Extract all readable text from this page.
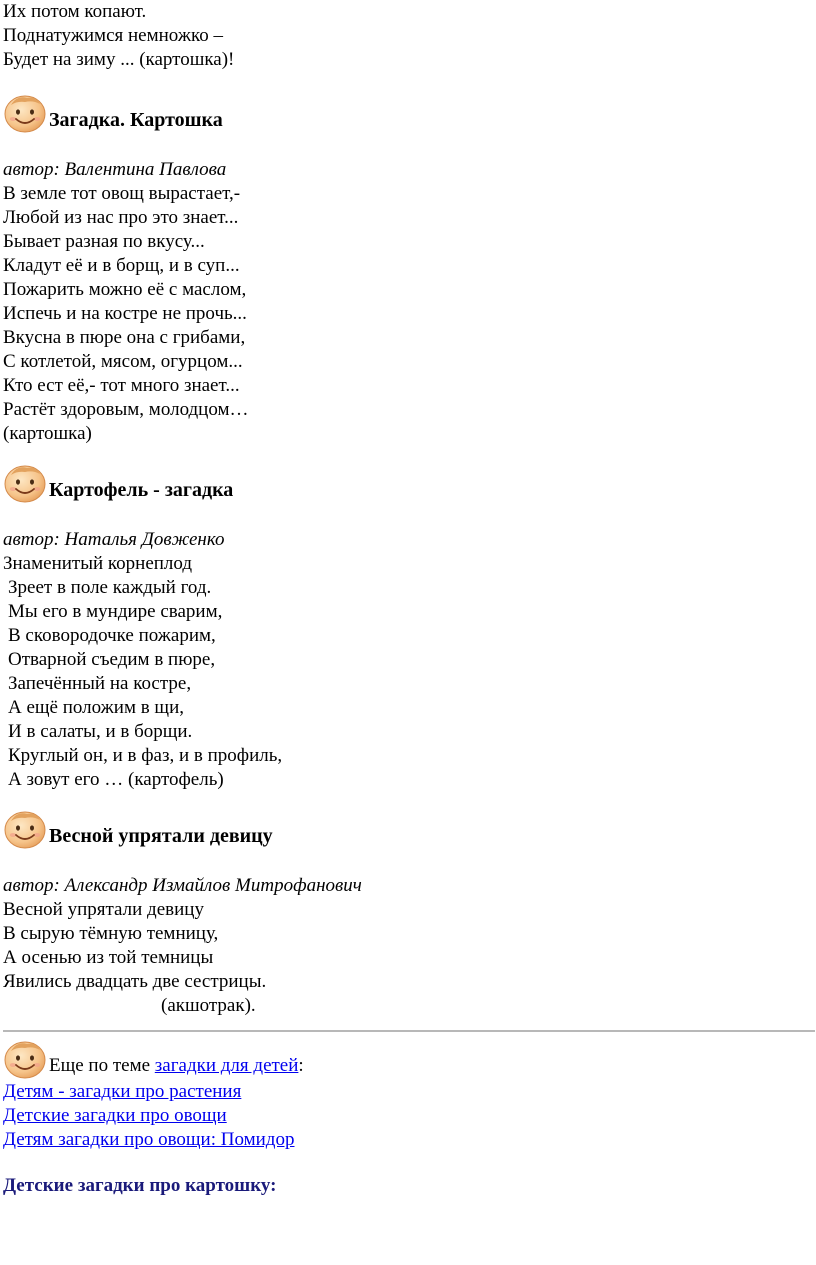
Их потом копают.
Поднатужимся немножко –
Будет на зиму ... (картошка)!
Загадка. Картошка
автор: Валентина Павлова
В земле тот овощ вырастает,-
Любой из нас про это знает...
Бывает разная по вкусу...
Кладут её и в борщ, и в суп...
Пожарить можно её с маслом,
Испечь и на костре не прочь...
Вкусна в пюре она с грибами,
С котлетой, мясом, огурцом...
Кто ест её,- тот много знает...
Растёт здоровым, молодцом…
(картошка)
Картофель - загадка
автор: Наталья Довженко
Знаменитый корнеплод
Зреет в поле каждый год.
Мы его в мундире сварим,
В сковородочке пожарим,
Отварной съедим в пюре,
Запечённый на костре,
А ещё положим в щи,
И в салаты, и в борщи.
Круглый он, и в фаз, и в профиль,
А зовут его … (картофель)
Весной упрятали девицу
автор: Александр Измайлов Митрофанович
Весной упрятали девицу
В сырую тёмную темницу,
А осенью из той темницы
Явились двадцать две сестрицы.
(акшотрак).
Еще по теме загадки для детей:
Детям - загадки про растения
Детские загадки про овощи
Детям загадки про овощи: Помидор
Детские загадки про картошку:
